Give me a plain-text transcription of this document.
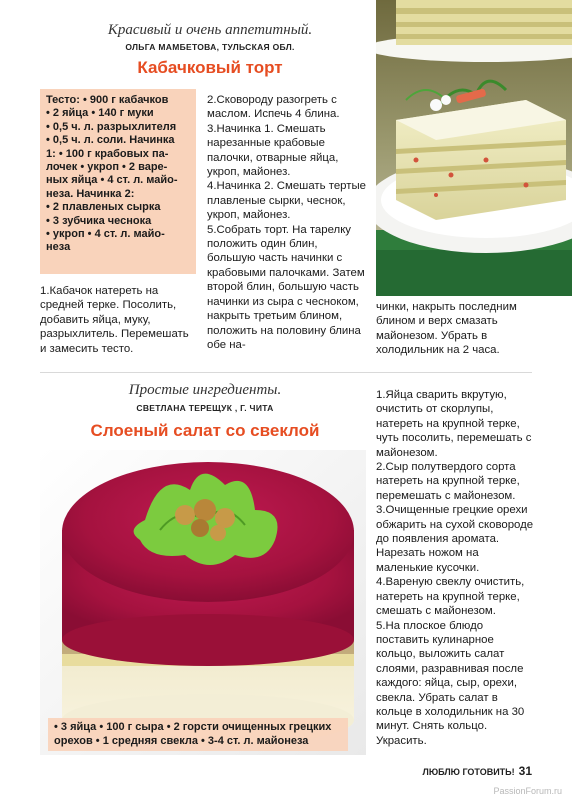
Красивый и очень аппетитный.
ОЛЬГА МАМБЕТОВА, ТУЛЬСКАЯ ОБЛ.
Кабачковый торт
Тесто: • 900 г кабачков
• 2 яйца • 140 г муки
• 0,5 ч. л. разрыхлителя
• 0,5 ч. л. соли. Начинка
1: • 100 г крабовых па-
лочек • укроп • 2 варе-
ных яйца • 4 ст. л. майо-
неза. Начинка 2:
• 2 плавленых сырка
• 3 зубчика чеснока
• укроп • 4 ст. л. майо-
неза

1.Кабачок натереть на средней терке. Посолить, добавить яйца, муку, разрыхлитель. Перемешать и замесить тесто.

2.Сковороду разогреть с маслом. Испечь 4 блина.

3.Начинка 1. Смешать нарезанные крабовые палочки, отварные яйца, укроп, майонез.

4.Начинка 2. Смешать тертые плавленые сырки, чеснок, укроп, майонез.

5.Собрать торт. На тарелку положить один блин, большую часть начинки с крабовыми палочками. Затем второй блин, большую часть начинки из сыра с чесноком, накрыть третьим блином, положить на половину блина обе на-

чинки, накрыть последним блином и верх смазать майонезом. Убрать в холодильник на 2 часа.

Простые ингредиенты.
СВЕТЛАНА ТЕРЕЩУК , Г. ЧИТА
Слоеный салат со свеклой
• 3 яйца • 100 г сыра • 2 горсти очищенных грецких орехов • 1 средняя свекла • 3-4 ст. л. майонеза

1.Яйца сварить вкрутую, очистить от скорлупы, натереть на крупной терке, чуть посолить, перемешать с майонезом.

2.Сыр полутвердого сорта натереть на крупной терке, перемешать с майонезом.

3.Очищенные грецкие орехи обжарить на сухой сковороде до появления аромата. Нарезать ножом на маленькие кусочки.

4.Вареную свеклу очистить, натереть на крупной терке, смешать с майонезом.

5.На плоское блюдо поставить кулинарное кольцо, выложить салат слоями, разравнивая после каждого: яйца, сыр, орехи, свекла. Убрать салат в кольце в холодильник на 30 минут. Снять кольцо. Украсить.

ЛЮБЛЮ ГОТОВИТЬ! 31
PassionForum.ru
